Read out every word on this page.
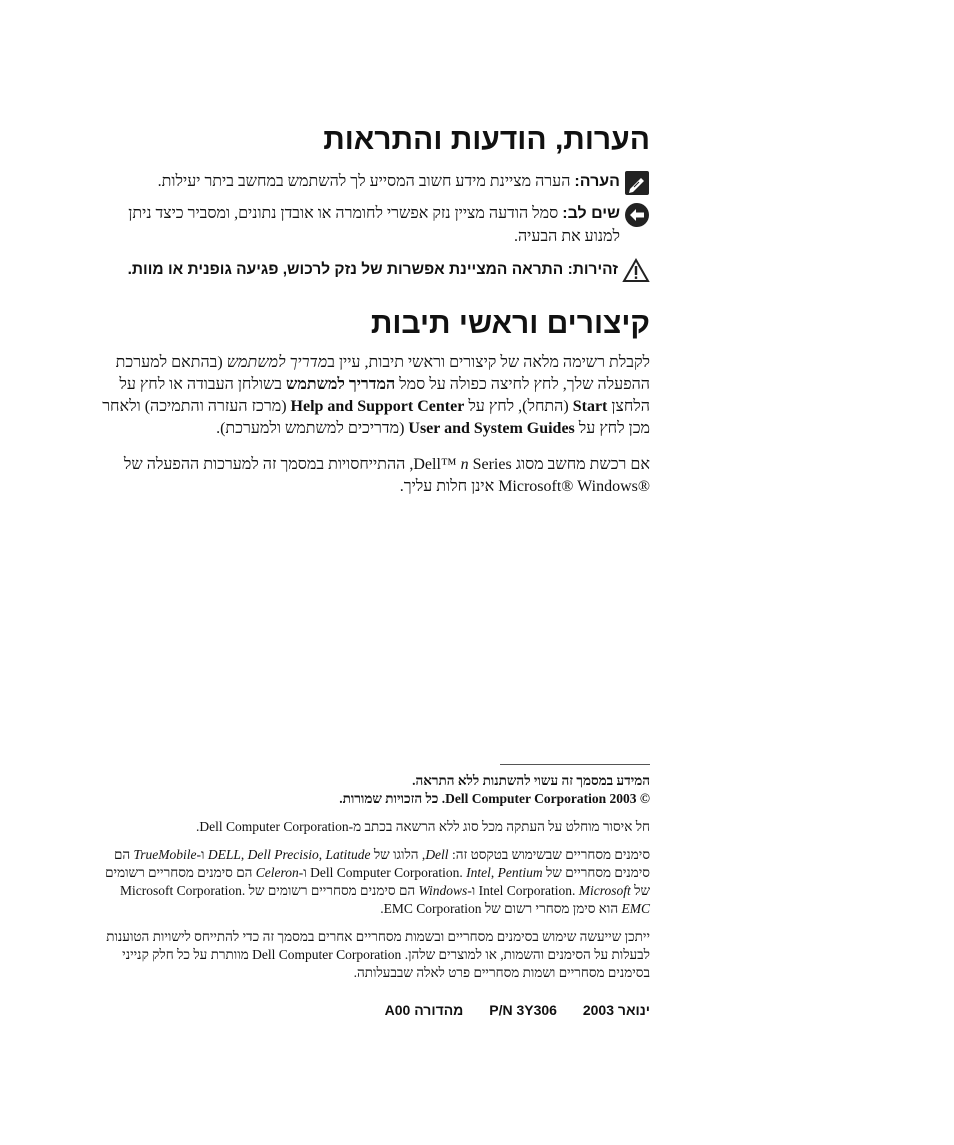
הערות, הודעות והתראות
הערה: הערה מציינת מידע חשוב המסייע לך להשתמש במחשב ביתר יעילות.
שים לב: סמל הודעה מציין נזק אפשרי לחומרה או אובדן נתונים, ומסביר כיצד ניתן למנוע את הבעיה.
זהירות: התראה המציינת אפשרות של נזק לרכוש, פגיעה גופנית או מוות.
קיצורים וראשי תיבות

לקבלת רשימה מלאה של קיצורים וראשי תיבות, עיין במדריך למשתמש (בהתאם למערכת ההפעלה שלך, לחץ לחיצה כפולה על סמל המדריך למשתמש בשולחן העבודה או לחץ על הלחצן Start (התחל), לחץ על Help and Support Center (מרכז העזרה והתמיכה) ולאחר מכן לחץ על User and System Guides (מדריכים למשתמש ולמערכת).

אם רכשת מחשב מסוג Dell™ n Series, ההתייחסויות במסמך זה למערכות ההפעלה של Microsoft® Windows® אינן חלות עליך.

המידע במסמך זה עשוי להשתנות ללא התראה.

© 2003 Dell Computer Corporation. כל הזכויות שמורות.

חל איסור מוחלט על העתקה מכל סוג ללא הרשאה בכתב מ-Dell Computer Corporation.

סימנים מסחריים שבשימוש בטקסט זה: Dell, הלוגו של DELL, Dell Precisio, Latitude ו-TrueMobile הם סימנים מסחריים של Dell Computer Corporation. Intel, Pentium ו-Celeron הם סימנים מסחריים רשומים של Intel Corporation. Microsoft ו-Windows הם סימנים מסחריים רשומים של Microsoft Corporation. EMC הוא סימן מסחרי רשום של EMC Corporation.

ייתכן שייעשה שימוש בסימנים מסחריים ובשמות מסחריים אחרים במסמך זה כדי להתייחס לישויות הטוענות לבעלות על הסימנים והשמות, או למוצרים שלהן. Dell Computer Corporation מוותרת על כל חלק קנייני בסימנים מסחריים ושמות מסחריים פרט לאלה שבבעלותה.

ינואר 2003 P/N 3Y306 מהדורה A00
